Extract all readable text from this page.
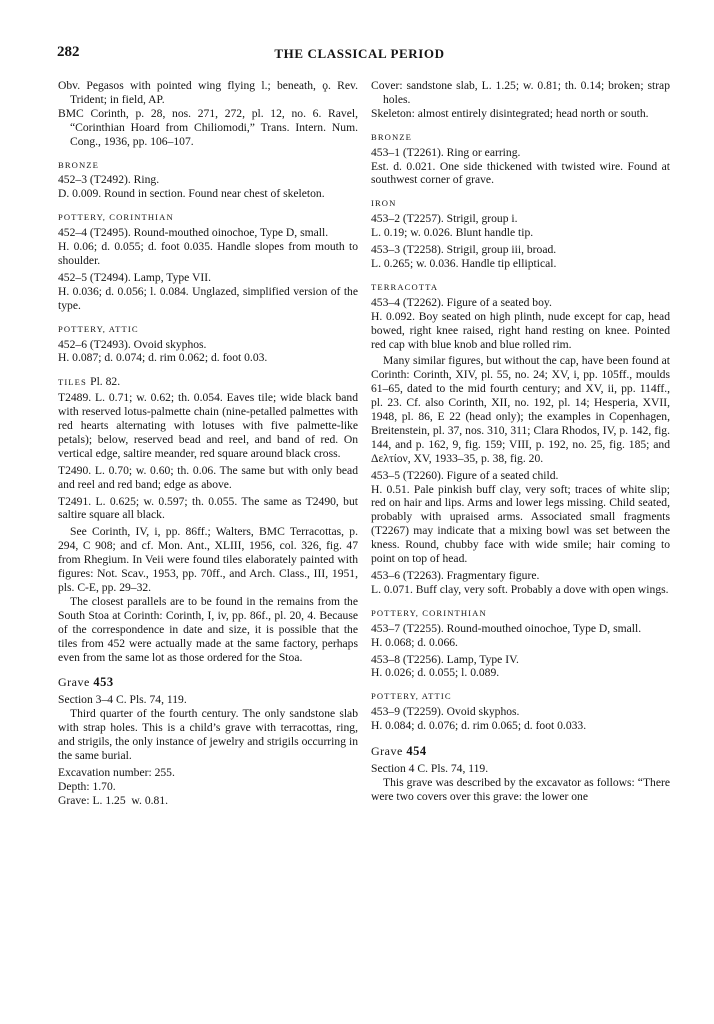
282	THE CLASSICAL PERIOD

Obv. Pegasos with pointed wing flying l.; beneath, ϙ. Rev. Trident; in field, AP.

BMC Corinth, p. 28, nos. 271, 272, pl. 12, no. 6. Ravel, “Corinthian Hoard from Chiliomodi,” Trans. Intern. Num. Cong., 1936, pp. 106–107.

BRONZE

452–3 (T2492). Ring.

D. 0.009. Round in section. Found near chest of skeleton.

POTTERY, CORINTHIAN

452–4 (T2495). Round-mouthed oinochoe, Type D, small.

H. 0.06; d. 0.055; d. foot 0.035. Handle slopes from mouth to shoulder.

452–5 (T2494). Lamp, Type VII.

H. 0.036; d. 0.056; l. 0.084. Unglazed, simplified version of the type.

POTTERY, ATTIC

452–6 (T2493). Ovoid skyphos.

H. 0.087; d. 0.074; d. rim 0.062; d. foot 0.03.

TILES Pl. 82.

T2489. L. 0.71; w. 0.62; th. 0.054. Eaves tile; wide black band with reserved lotus-palmette chain (nine-petalled palmettes with red hearts alternating with lotuses with five palmette-like petals); below, reserved bead and reel, and band of red. On vertical edge, saltire meander, red square around black cross.

T2490. L. 0.70; w. 0.60; th. 0.06. The same but with only bead and reel and red band; edge as above.

T2491. L. 0.625; w. 0.597; th. 0.055. The same as T2490, but saltire square all black.

See Corinth, IV, i, pp. 86ff.; Walters, BMC Terracottas, p. 294, C 908; and cf. Mon. Ant., XLIII, 1956, col. 326, fig. 47 from Rhegium. In Veii were found tiles elaborately painted with figures: Not. Scav., 1953, pp. 70ff., and Arch. Class., III, 1951, pls. C-E, pp. 29–32.

The closest parallels are to be found in the remains from the South Stoa at Corinth: Corinth, I, iv, pp. 86f., pl. 20, 4. Because of the correspondence in date and size, it is possible that the tiles from 452 were actually made at the same factory, perhaps even from the same lot as those ordered for the Stoa.

Grave 453

Section 3–4 C. Pls. 74, 119.

Third quarter of the fourth century. The only sandstone slab with strap holes. This is a child’s grave with terracottas, ring, and strigils, the only instance of jewelry and strigils occurring in the same burial.

Excavation number: 255.

Depth: 1.70.

Grave: L. 1.25  w. 0.81.

Cover: sandstone slab, L. 1.25; w. 0.81; th. 0.14; broken; strap holes.

Skeleton: almost entirely disintegrated; head north or south.

BRONZE

453–1 (T2261). Ring or earring.

Est. d. 0.021. One side thickened with twisted wire. Found at southwest corner of grave.

IRON

453–2 (T2257). Strigil, group i.

L. 0.19; w. 0.026. Blunt handle tip.

453–3 (T2258). Strigil, group iii, broad.

L. 0.265; w. 0.036. Handle tip elliptical.

TERRACOTTA

453–4 (T2262). Figure of a seated boy.

H. 0.092. Boy seated on high plinth, nude except for cap, head bowed, right knee raised, right hand resting on knee. Pointed red cap with blue knob and blue rolled rim.

Many similar figures, but without the cap, have been found at Corinth: Corinth, XIV, pl. 55, no. 24; XV, i, pp. 105ff., moulds 61–65, dated to the mid fourth century; and XV, ii, pp. 114ff., pl. 23. Cf. also Corinth, XII, no. 192, pl. 14; Hesperia, XVII, 1948, pl. 86, E 22 (head only); the examples in Copenhagen, Breitenstein, pl. 37, nos. 310, 311; Clara Rhodos, IV, p. 142, fig. 144, and p. 162, 9, fig. 159; VIII, p. 192, no. 25, fig. 185; and Δελτίον, XV, 1933–35, p. 38, fig. 20.

453–5 (T2260). Figure of a seated child.

H. 0.51. Pale pinkish buff clay, very soft; traces of white slip; red on hair and lips. Arms and lower legs missing. Child seated, probably with upraised arms. Associated small fragments (T2267) may indicate that a mixing bowl was set between the kness. Round, chubby face with wide smile; hair coming to point on top of head.

453–6 (T2263). Fragmentary figure.

L. 0.071. Buff clay, very soft. Probably a dove with open wings.

POTTERY, CORINTHIAN

453–7 (T2255). Round-mouthed oinochoe, Type D, small.

H. 0.068; d. 0.066.

453–8 (T2256). Lamp, Type IV.

H. 0.026; d. 0.055; l. 0.089.

POTTERY, ATTIC

453–9 (T2259). Ovoid skyphos.

H. 0.084; d. 0.076; d. rim 0.065; d. foot 0.033.

Grave 454

Section 4 C. Pls. 74, 119.

This grave was described by the excavator as follows: “There were two covers over this grave: the lower one
